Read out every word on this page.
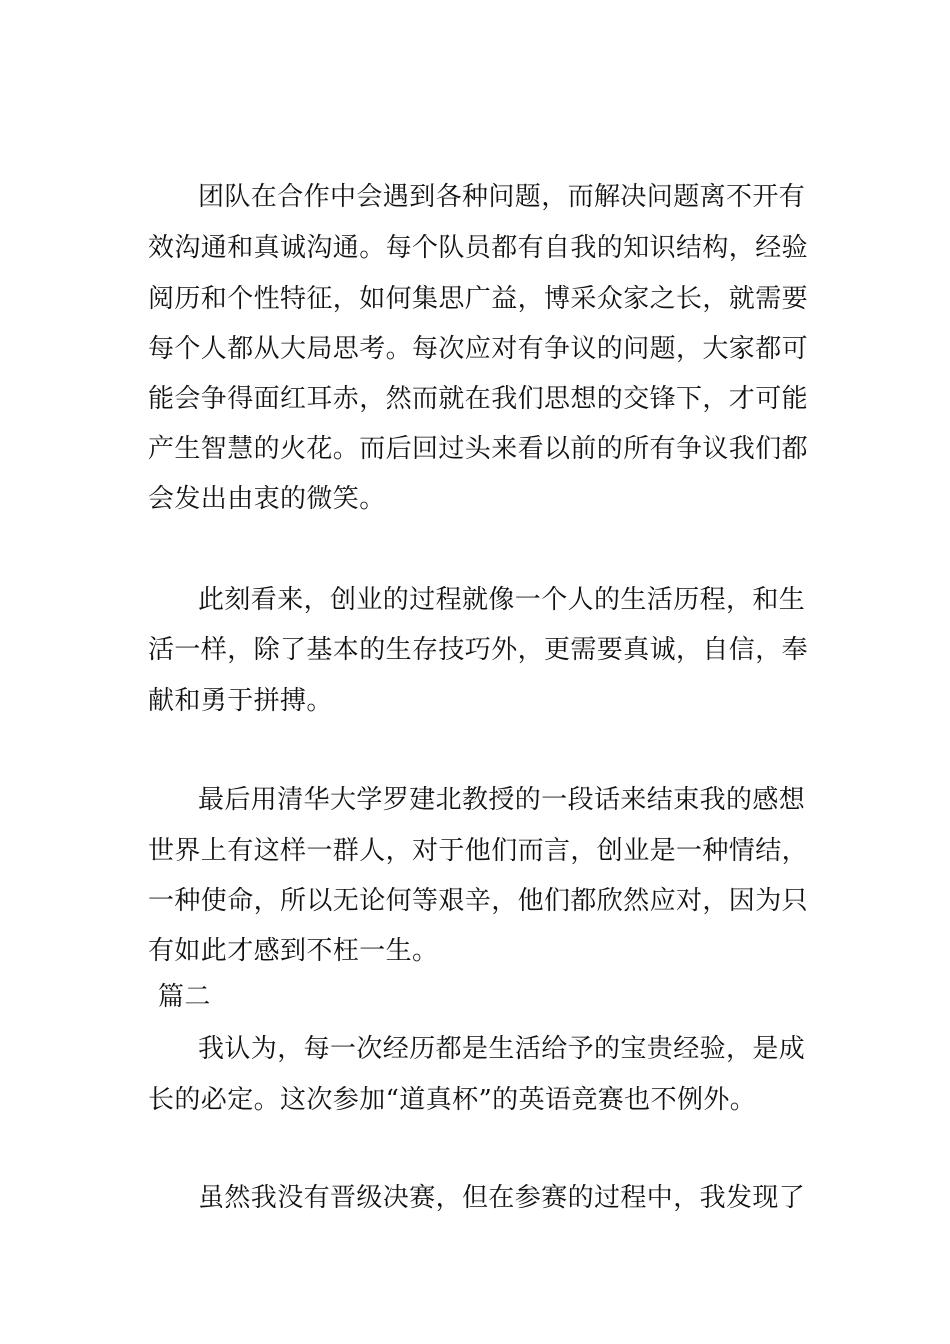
团队在合作中会遇到各种问题，而解决问题离不开有
效沟通和真诚沟通。每个队员都有自我的知识结构，经验
阅历和个性特征，如何集思广益，博采众家之长，就需要
每个人都从大局思考。每次应对有争议的问题，大家都可
能会争得面红耳赤，然而就在我们思想的交锋下，才可能
产生智慧的火花。而后回过头来看以前的所有争议我们都
会发出由衷的微笑。
此刻看来，创业的过程就像一个人的生活历程，和生
活一样，除了基本的生存技巧外，更需要真诚，自信，奉
献和勇于拼搏。
最后用清华大学罗建北教授的一段话来结束我的感想
世界上有这样一群人，对于他们而言，创业是一种情结，
一种使命，所以无论何等艰辛，他们都欣然应对，因为只
有如此才感到不枉一生。
篇二
我认为，每一次经历都是生活给予的宝贵经验，是成
长的必定。这次参加“道真杯”的英语竞赛也不例外。
虽然我没有晋级决赛，但在参赛的过程中，我发现了
